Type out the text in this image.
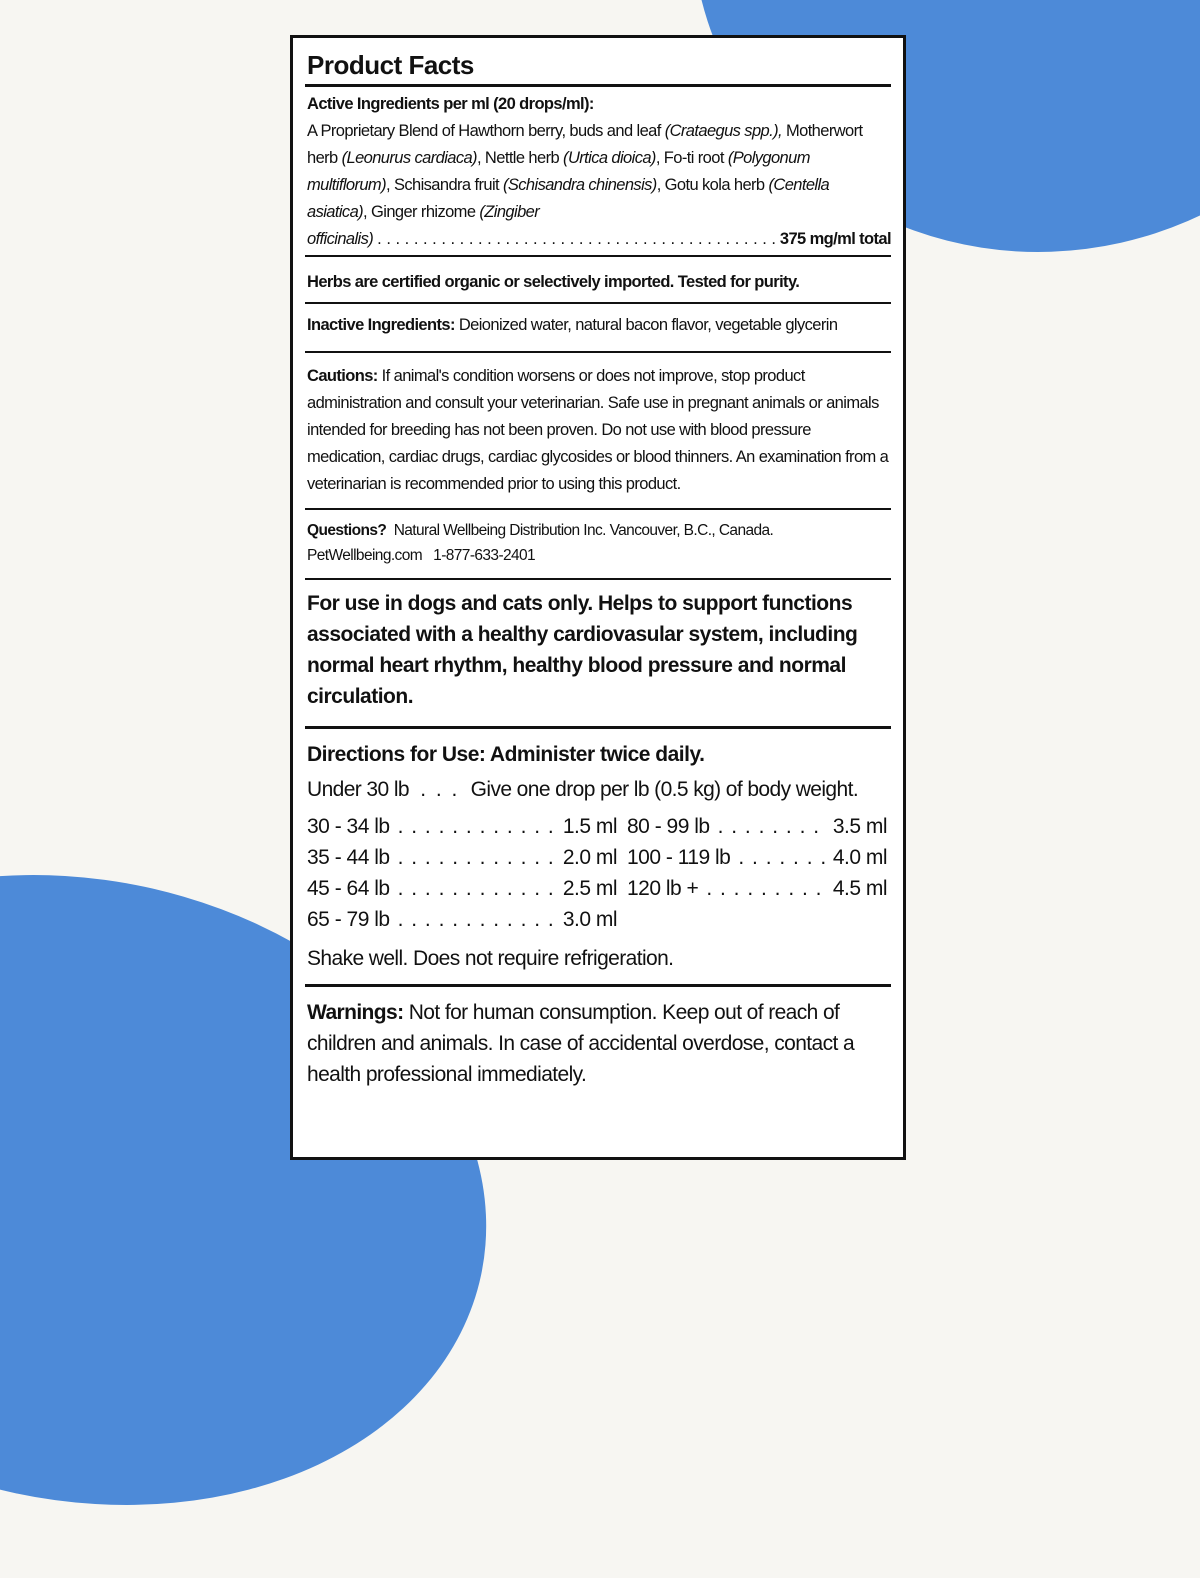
Product Facts
Active Ingredients per ml (20 drops/ml):
A Proprietary Blend of Hawthorn berry, buds and leaf (Crataegus spp.), Motherwort herb (Leonurus cardiaca), Nettle herb (Urtica dioica), Fo-ti root (Polygonum multiflorum), Schisandra fruit (Schisandra chinensis), Gotu kola herb (Centella asiatica), Ginger rhizome (Zingiber
officinalis) . . .	375 mg/ml total
Herbs are certified organic or selectively imported. Tested for purity.
Inactive Ingredients: Deionized water, natural bacon flavor, vegetable glycerin
Cautions: If animal's condition worsens or does not improve, stop product administration and consult your veterinarian. Safe use in pregnant animals or animals intended for breeding has not been proven. Do not use with blood pressure medication, cardiac drugs, cardiac glycosides or blood thinners. An examination from a veterinarian is recommended prior to using this product.
Questions? Natural Wellbeing Distribution Inc. Vancouver, B.C., Canada.
PetWellbeing.com 1-877-633-2401
For use in dogs and cats only. Helps to support functions associated with a healthy cardiovasular system, including normal heart rhythm, healthy blood pressure and normal circulation.
Directions for Use: Administer twice daily.
Under 30 lb . . . Give one drop per lb (0.5 kg) of body weight.
30 - 34 lb . . .	1.5 ml
35 - 44 lb . . .	2.0 ml
45 - 64 lb . . .	2.5 ml
65 - 79 lb . . .	3.0 ml
80 - 99 lb . . .	3.5 ml
100 - 119 lb . . .	4.0 ml
120 lb + . . .	4.5 ml
Shake well. Does not require refrigeration.
Warnings: Not for human consumption. Keep out of reach of children and animals. In case of accidental overdose, contact a health professional immediately.
